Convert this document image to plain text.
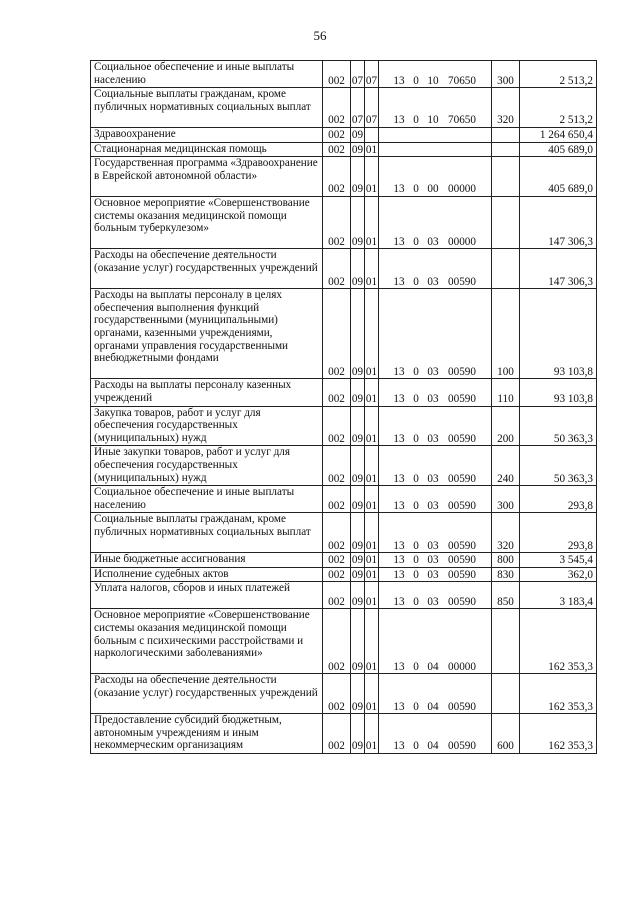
56
Социальное обеспечение и иные выплаты населению	002	07	07	13 0 10 70650	300	2 513,2
Социальные выплаты гражданам, кроме публичных нормативных социальных выплат	002	07	07	13 0 10 70650	320	2 513,2
Здравоохранение	002	09				1 264 650,4
Стационарная медицинская помощь	002	09	01			405 689,0
Государственная программа «Здравоохранение в Еврейской автономной области»	002	09	01	13 0 00 00000		405 689,0
Основное мероприятие «Совершенствование системы оказания медицинской помощи больным туберкулезом»	002	09	01	13 0 03 00000		147 306,3
Расходы на обеспечение деятельности (оказание услуг) государственных учреждений	002	09	01	13 0 03 00590		147 306,3
Расходы на выплаты персоналу в целях обеспечения выполнения функций государственными (муниципальными) органами, казенными учреждениями, органами управления государственными внебюджетными фондами	002	09	01	13 0 03 00590	100	93 103,8
Расходы на выплаты персоналу казенных учреждений	002	09	01	13 0 03 00590	110	93 103,8
Закупка товаров, работ и услуг для обеспечения государственных (муниципальных) нужд	002	09	01	13 0 03 00590	200	50 363,3
Иные закупки товаров, работ и услуг для обеспечения государственных (муниципальных) нужд	002	09	01	13 0 03 00590	240	50 363,3
Социальное обеспечение и иные выплаты населению	002	09	01	13 0 03 00590	300	293,8
Социальные выплаты гражданам, кроме публичных нормативных социальных выплат	002	09	01	13 0 03 00590	320	293,8
Иные бюджетные ассигнования	002	09	01	13 0 03 00590	800	3 545,4
Исполнение судебных актов	002	09	01	13 0 03 00590	830	362,0
Уплата налогов, сборов и иных платежей	002	09	01	13 0 03 00590	850	3 183,4
Основное мероприятие «Совершенствование системы оказания медицинской помощи больным с психическими расстройствами и наркологическими заболеваниями»	002	09	01	13 0 04 00000		162 353,3
Расходы на обеспечение деятельности (оказание услуг) государственных учреждений	002	09	01	13 0 04 00590		162 353,3
Предоставление субсидий бюджетным, автономным учреждениям и иным некоммерческим организациям	002	09	01	13 0 04 00590	600	162 353,3
